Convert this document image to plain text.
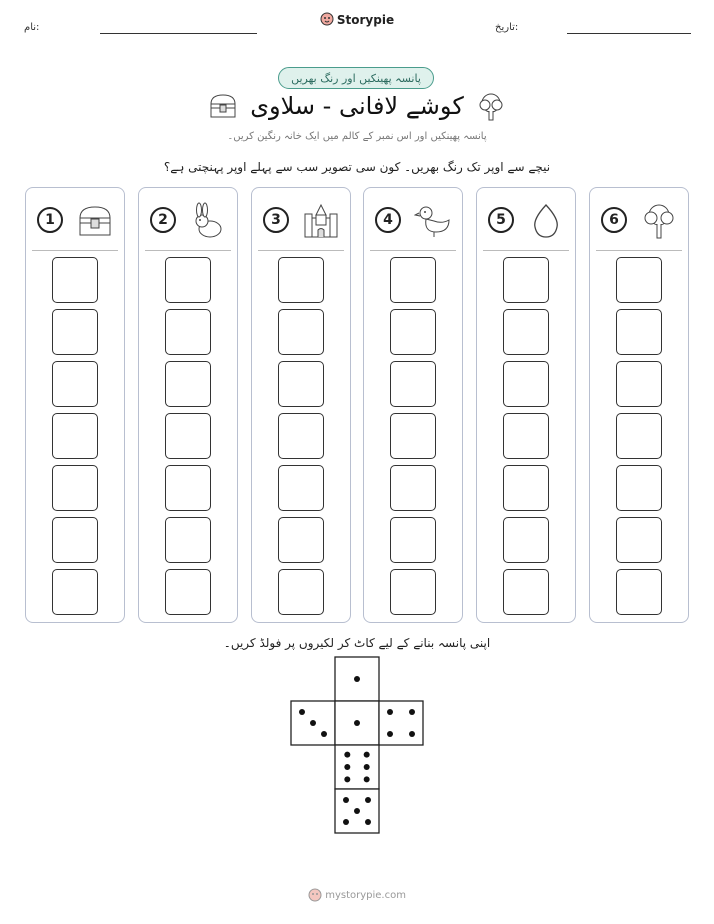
نام:
Storypie
تاریخ:
پانسہ پھینکیں اور رنگ بھریں
کوشے لافانی - سلاوی
پانسہ پھینکیں اور اس نمبر کے کالم میں ایک خانہ رنگین کریں۔
نیچے سے اوپر تک رنگ بھریں۔ کون سی تصویر سب سے پہلے اوپر پہنچتی ہے؟
1	2	3	4	5	6
اپنی پانسہ بنانے کے لیے کاٹ کر لکیروں پر فولڈ کریں۔
mystorypie.com
